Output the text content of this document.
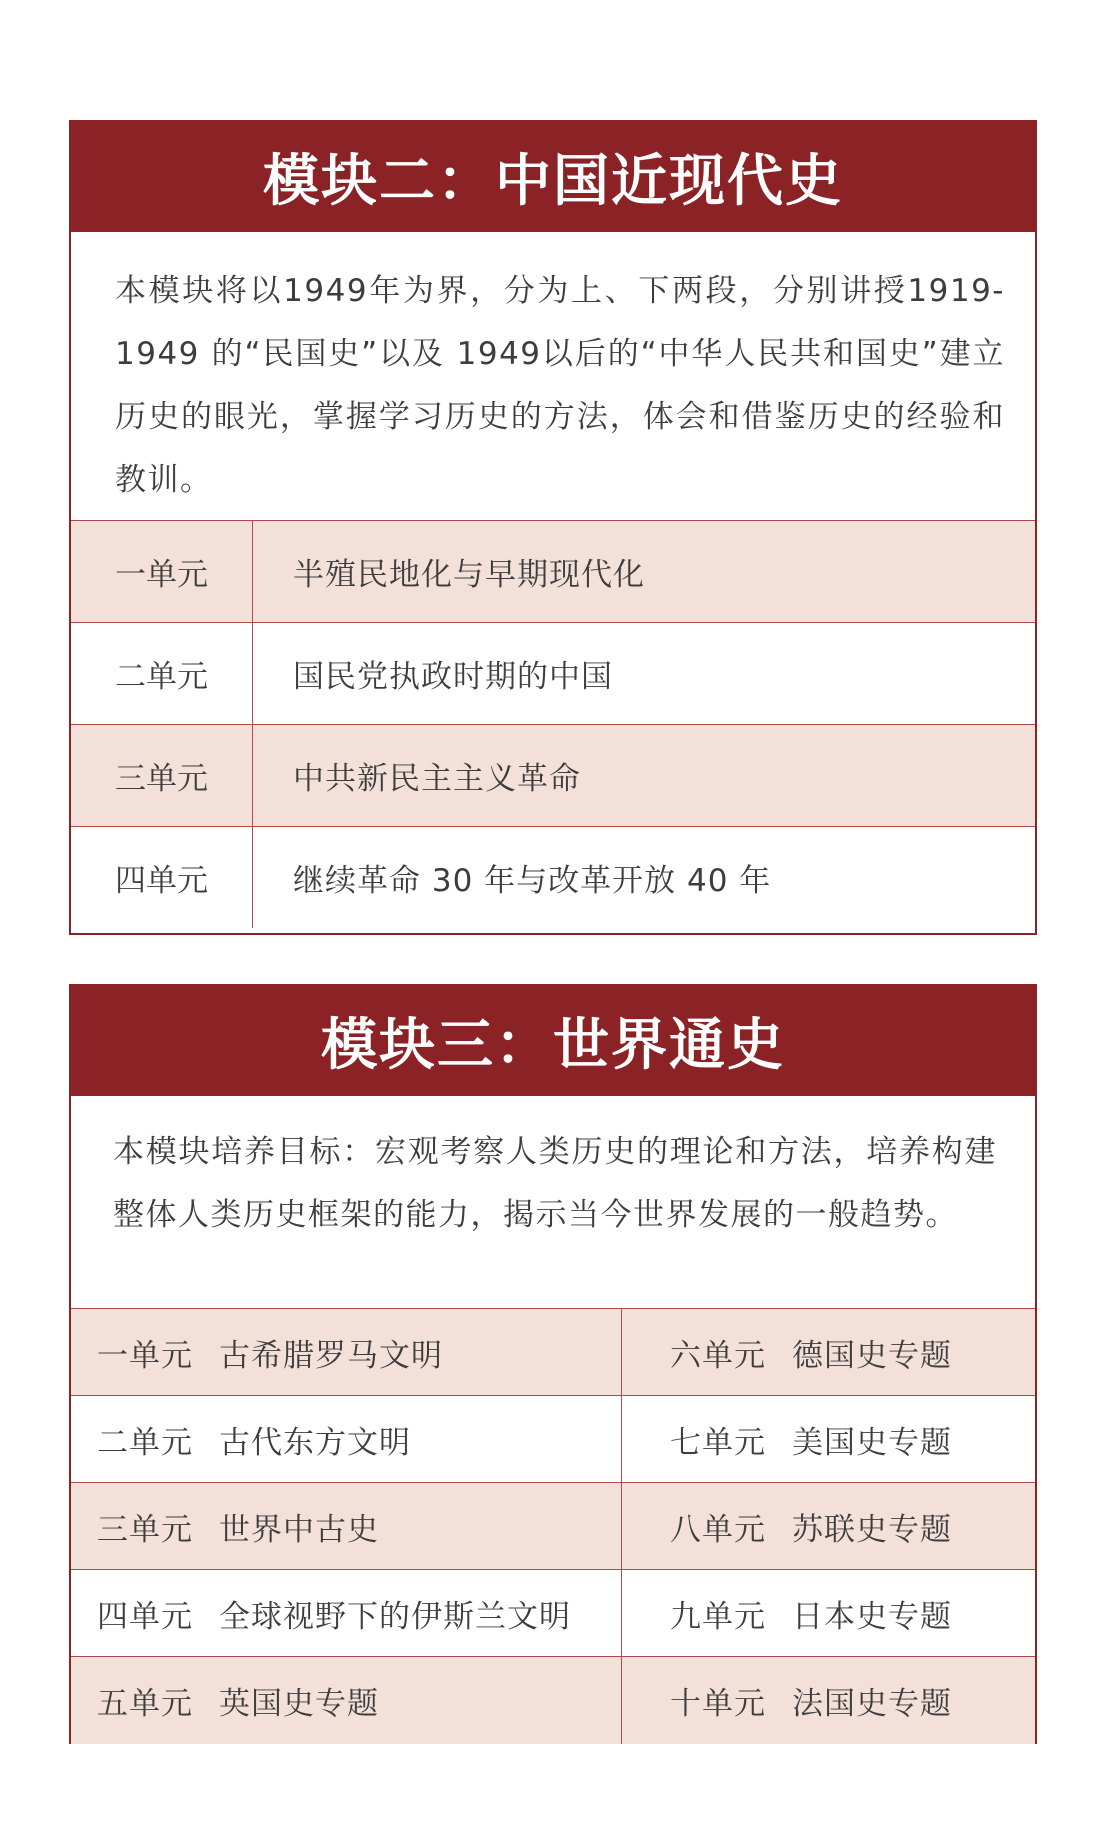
模块二：中国近现代史
本模块将以1949年为界，分为上、下两段，分别讲授1919-1949 的“民国史”以及 1949以后的“中华人民共和国史”建立历史的眼光，掌握学习历史的方法，体会和借鉴历史的经验和教训。
一单元	半殖民地化与早期现代化
二单元	国民党执政时期的中国
三单元	中共新民主主义革命
四单元	继续革命 30 年与改革开放 40 年
模块三：世界通史
本模块培养目标：宏观考察人类历史的理论和方法，培养构建整体人类历史框架的能力，揭示当今世界发展的一般趋势。
一单元 古希腊罗马文明	六单元 德国史专题
二单元 古代东方文明	七单元 美国史专题
三单元 世界中古史	八单元 苏联史专题
四单元 全球视野下的伊斯兰文明	九单元 日本史专题
五单元 英国史专题	十单元 法国史专题
